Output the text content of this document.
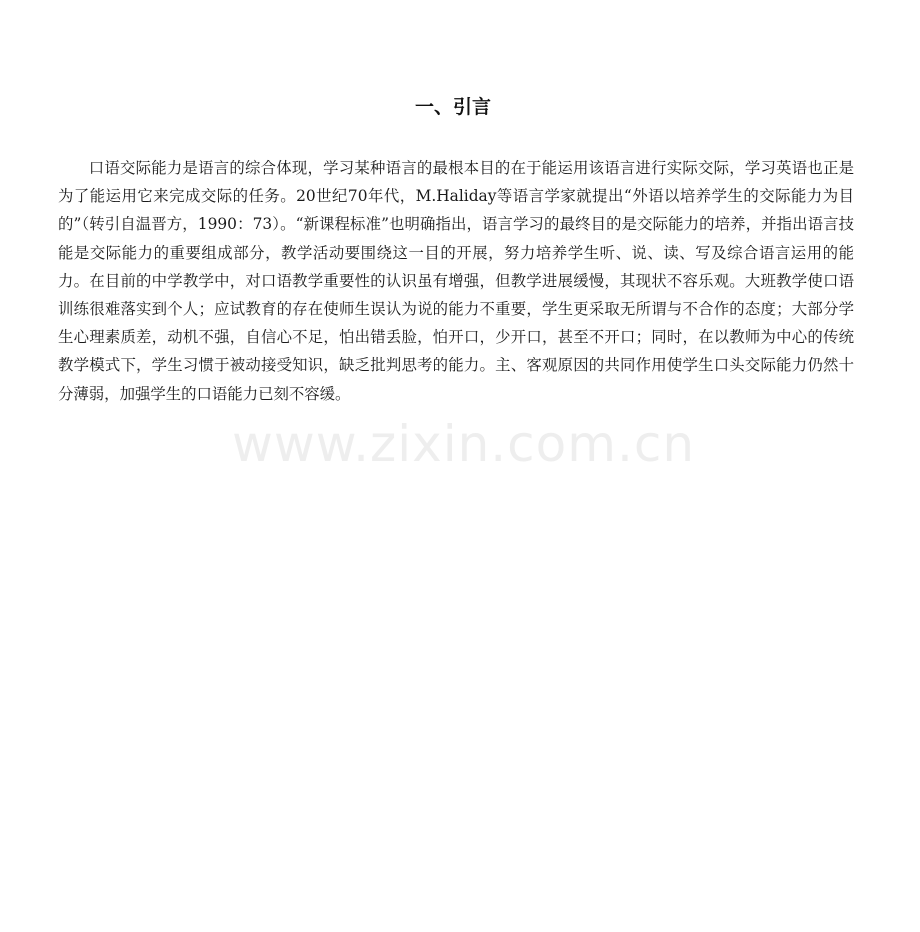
一、引言

口语交际能力是语言的综合体现，学习某种语言的最根本目的在于能运用该语言进行实际交际，学习英语也正是为了能运用它来完成交际的任务。20世纪70年代，M.Haliday等语言学家就提出“外语以培养学生的交际能力为目的”（转引自温晋方，1990：73）。“新课程标准”也明确指出，语言学习的最终目的是交际能力的培养，并指出语言技能是交际能力的重要组成部分，教学活动要围绕这一目的开展，努力培养学生听、说、读、写及综合语言运用的能力。在目前的中学教学中，对口语教学重要性的认识虽有增强，但教学进展缓慢，其现状不容乐观。大班教学使口语训练很难落实到个人；应试教育的存在使师生误认为说的能力不重要，学生更采取无所谓与不合作的态度；大部分学生心理素质差，动机不强，自信心不足，怕出错丢脸，怕开口，少开口，甚至不开口；同时，在以教师为中心的传统教学模式下，学生习惯于被动接受知识，缺乏批判思考的能力。主、客观原因的共同作用使学生口头交际能力仍然十分薄弱，加强学生的口语能力已刻不容缓。

www.zixin.com.cn
